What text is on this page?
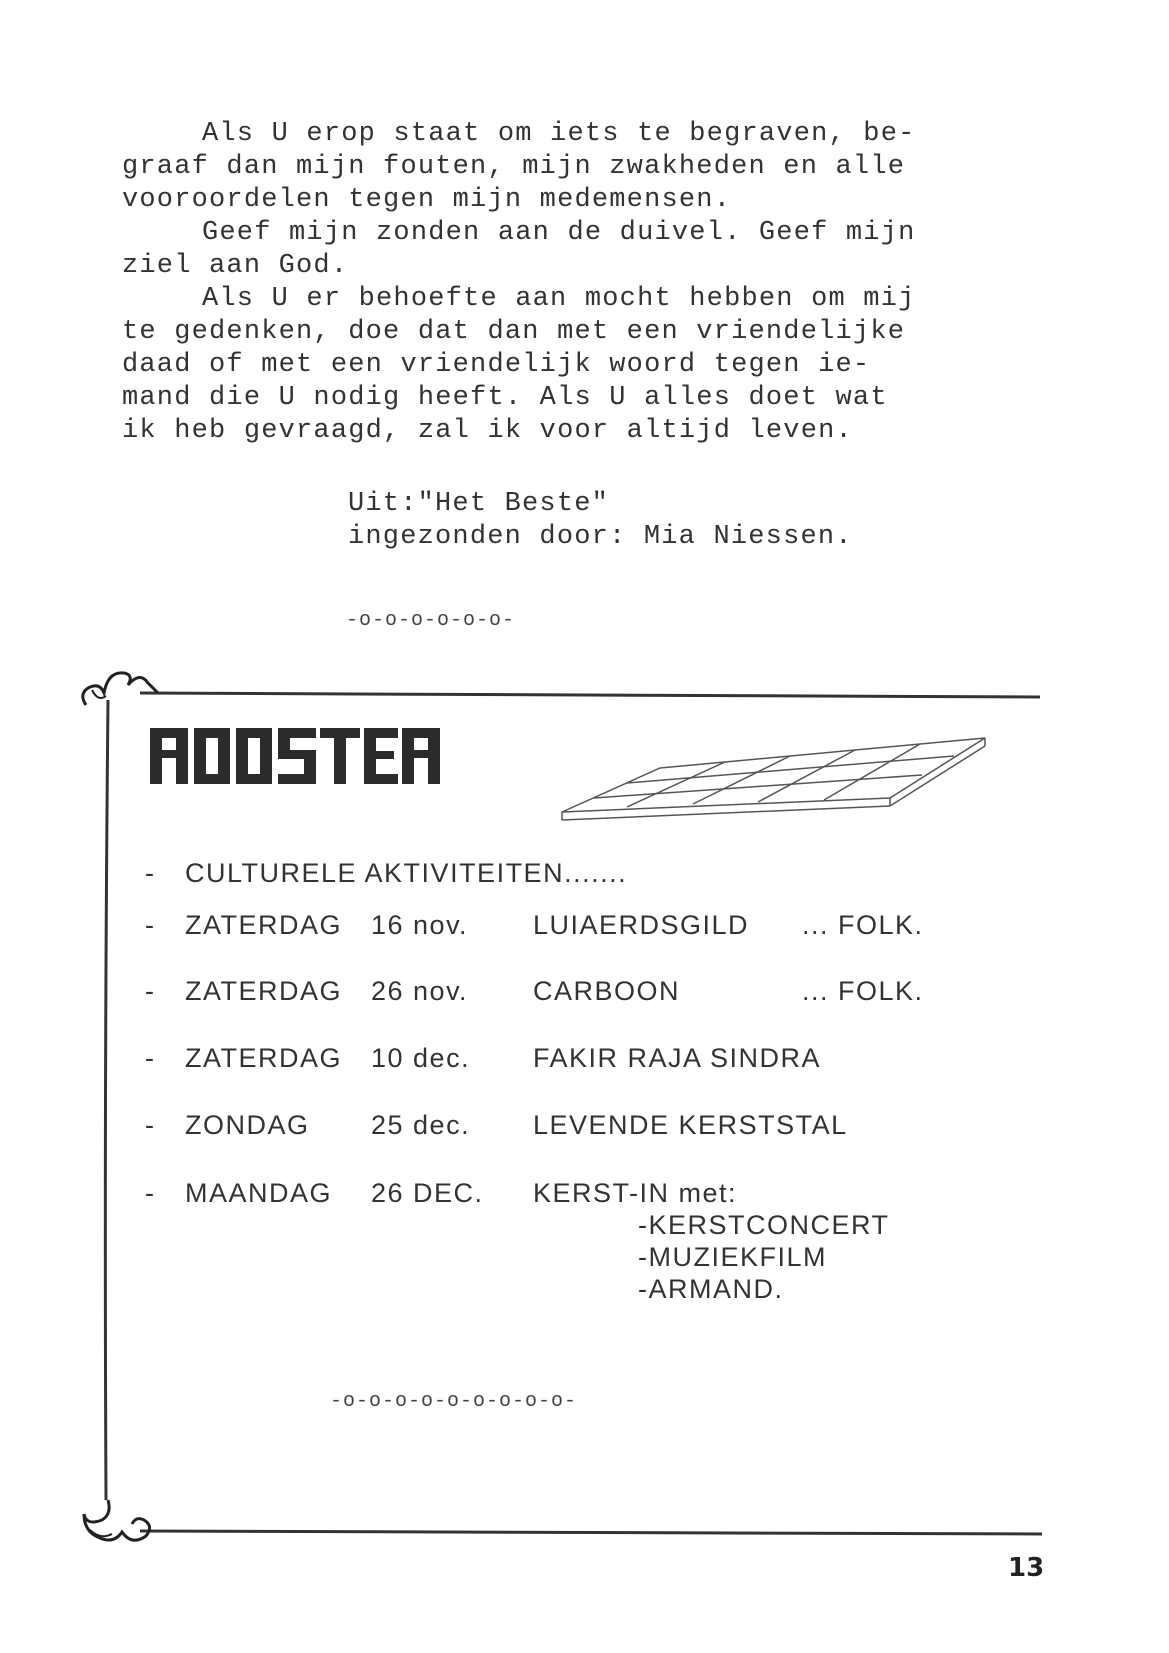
Als U erop staat om iets te begraven, be-
graaf dan mijn fouten, mijn zwakheden en alle
vooroordelen tegen mijn medemensen.
Geef mijn zonden aan de duivel. Geef mijn
ziel aan God.
Als U er behoefte aan mocht hebben om mij
te gedenken, doe dat dan met een vriendelijke
daad of met een vriendelijk woord tegen ie-
mand die U nodig heeft. Als U alles doet wat
ik heb gevraagd, zal ik voor altijd leven.
Uit:"Het Beste"
ingezonden door: Mia Niessen.
-o-o-o-o-o-o-
- CULTURELE AKTIVITEITEN.......
- ZATERDAG 16 nov. LUIAERDSGILD ... FOLK.
- ZATERDAG 26 nov. CARBOON	... FOLK.
- ZATERDAG 10 dec. FAKIR RAJA SINDRA
- ZONDAG 25 dec. LEVENDE KERSTSTAL
- MAANDAG 26 DEC. KERST-IN met:
-KERSTCONCERT
-MUZIEKFILM
-ARMAND.
-o-o-o-o-o-o-o-o-o-
13
